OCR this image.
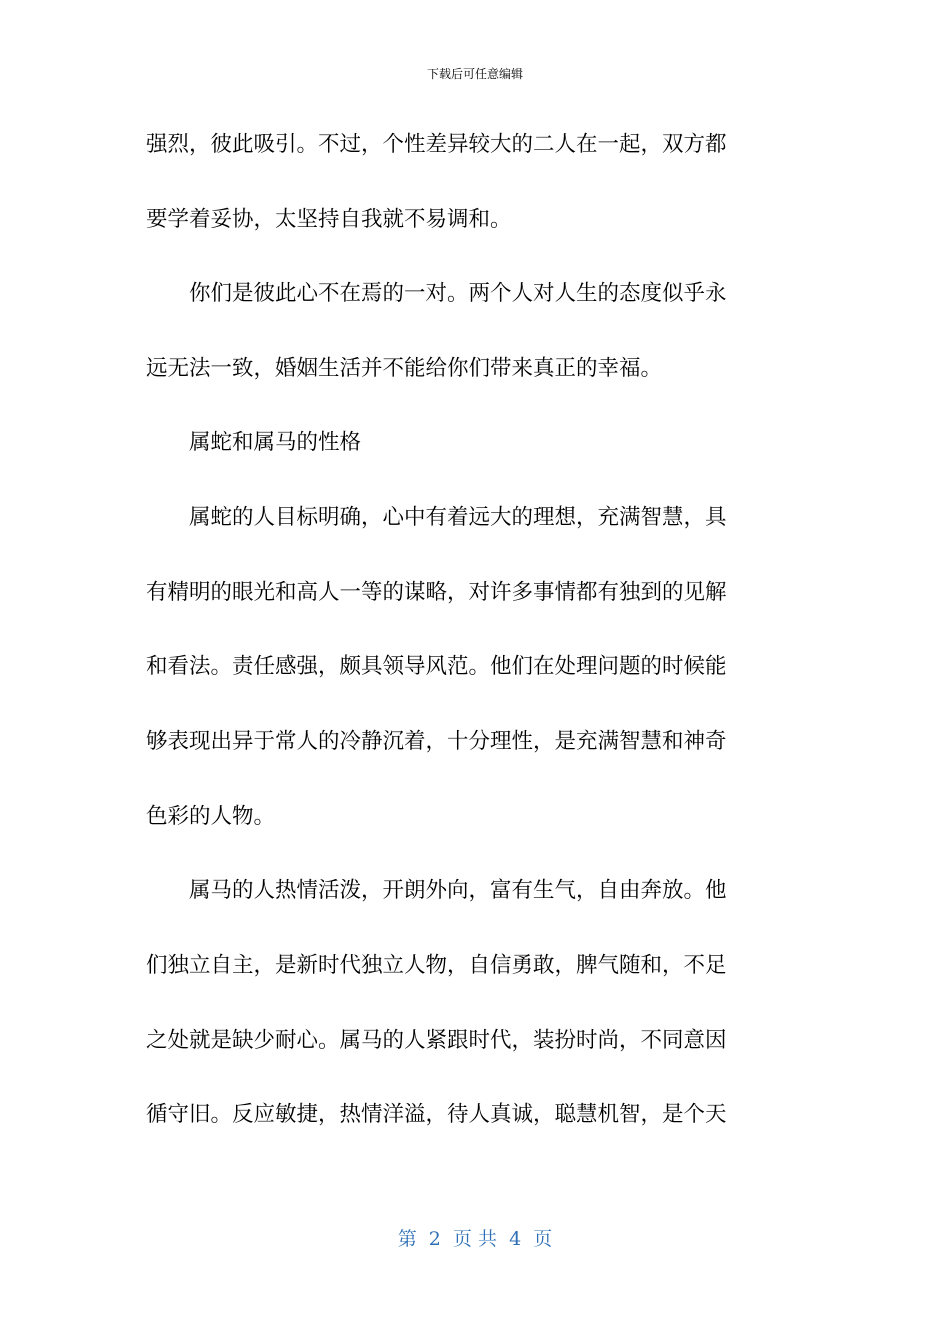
下载后可任意编辑
强烈，彼此吸引。不过，个性差异较大的二人在一起，双方都
要学着妥协，太坚持自我就不易调和。
　　你们是彼此心不在焉的一对。两个人对人生的态度似乎永
远无法一致，婚姻生活并不能给你们带来真正的幸福。
　　属蛇和属马的性格
　　属蛇的人目标明确，心中有着远大的理想，充满智慧，具
有精明的眼光和高人一等的谋略，对许多事情都有独到的见解
和看法。责任感强，颇具领导风范。他们在处理问题的时候能
够表现出异于常人的冷静沉着，十分理性，是充满智慧和神奇
色彩的人物。
　　属马的人热情活泼，开朗外向，富有生气，自由奔放。他
们独立自主，是新时代独立人物，自信勇敢，脾气随和，不足
之处就是缺少耐心。属马的人紧跟时代，装扮时尚，不同意因
循守旧。反应敏捷，热情洋溢，待人真诚，聪慧机智，是个天
第  2  页 共  4  页
